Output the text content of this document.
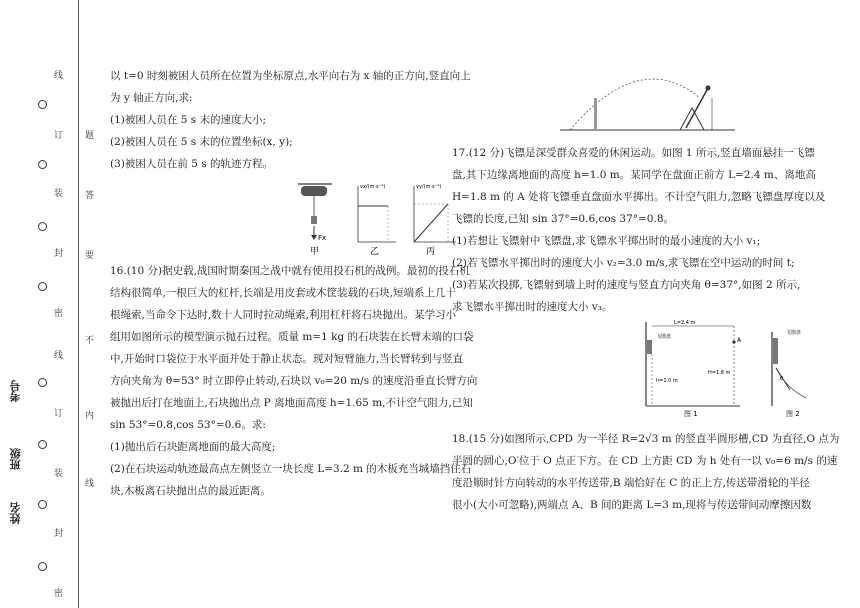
线
订
装
封
密
线
订
装
封
密
题
答
要
不
内
线
考号
班级
姓名

以 t=0 时刻被困人员所在位置为坐标原点,水平向右为 x 轴的正方向,竖直向上

为 y 轴正方向,求:

(1)被困人员在 5 s 末的速度大小;

(2)被困人员在 5 s 末的位置坐标(x, y);

(3)被困人员在前 5 s 的轨迹方程。

Fx
vx/(m·s⁻¹)	vy/(m·s⁻¹)
甲	乙	丙

16.(10 分)据史载,战国时期秦国之战中就有使用投石机的战例。最初的投石机

结构很简单,一根巨大的杠杆,长端是用皮套或木筐装载的石块,短端系上几十

根绳索,当命令下达时,数十人同时拉动绳索,利用杠杆将石块抛出。某学习小

组用如图所示的模型演示抛石过程。质量 m=1 kg 的石块装在长臂末端的口袋

中,开始时口袋位于水平面并处于静止状态。现对短臂施力,当长臂转到与竖直

方向夹角为 θ=53° 时立即停止转动,石块以 v₀=20 m/s 的速度沿垂直长臂方向

被抛出后打在地面上,石块抛出点 P 离地面高度 h=1.65 m,不计空气阻力,已知

sin 53°=0.8,cos 53°=0.6。求:

(1)抛出后石块距离地面的最大高度;

(2)在石块运动轨迹最高点左侧竖立一块长度 L=3.2 m 的木板充当城墙挡住石

块,木板离石块抛出点的最近距离。

17.(12 分)飞镖是深受群众喜爱的休闲运动。如图 1 所示,竖直墙面悬挂一飞镖

盘,其下边缘离地面的高度 h=1.0 m。某同学在盘面正前方 L=2.4 m、离地高

H=1.8 m 的 A 处将飞镖垂直盘面水平掷出。不计空气阻力,忽略飞镖盘厚度以及

飞镖的长度,已知 sin 37°=0.6,cos 37°=0.8。

(1)若想让飞镖射中飞镖盘,求飞镖水平掷出时的最小速度的大小 v₁;

(2)若飞镖水平掷出时的速度大小 v₂=3.0 m/s,求飞镖在空中运动的时间 t;

(3)若某次投掷,飞镖射到墙上时的速度与竖直方向夹角 θ=37°,如图 2 所示,

求飞镖水平掷出时的速度大小 v₃。

L=2.4 m
H=1.8 m
h=1.0 m
A
飞镖盘
图 1
飞镖盘
θ
图 2

18.(15 分)如图所示,CPD 为一半径 R=2√3 m 的竖直半圆形槽,CD 为直径,O 点为

半圆的圆心,O′位于 O 点正下方。在 CD 上方距 CD 为 h 处有一以 v₀=6 m/s 的速

度沿顺时针方向转动的水平传送带,B 端恰好在 C 的正上方,传送带滑轮的半径

很小(大小可忽略),两端点 A、B 间的距离 L=3 m,现将与传送带间动摩擦因数
